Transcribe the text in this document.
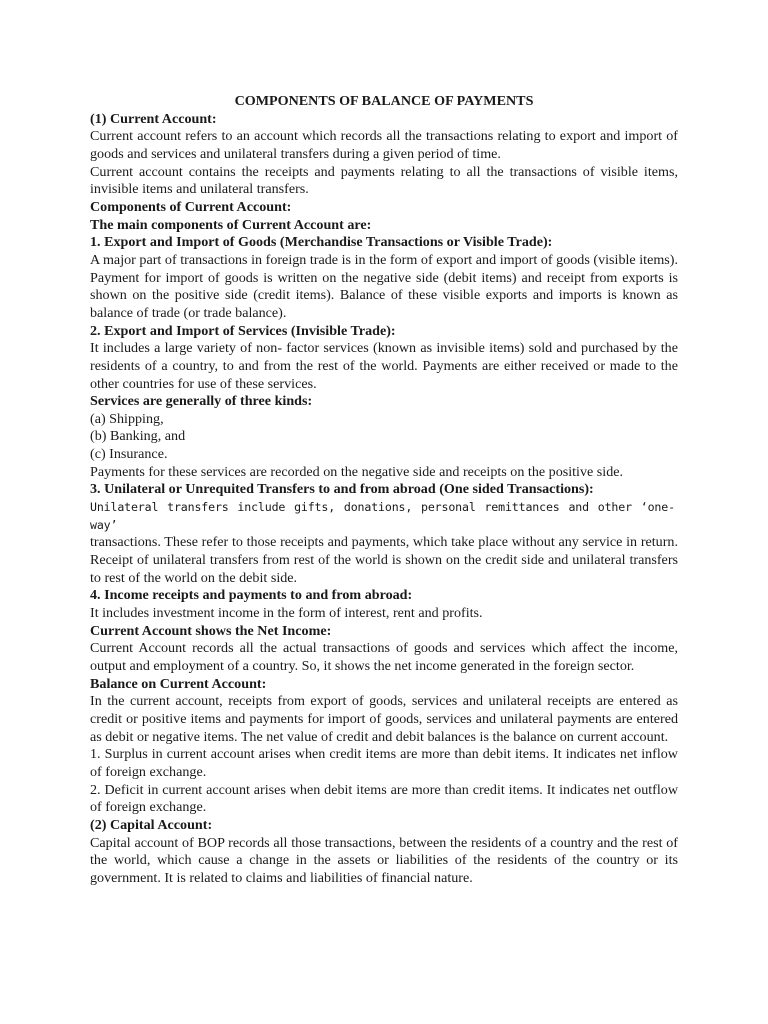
COMPONENTS OF BALANCE OF PAYMENTS

(1) Current Account:

Current account refers to an account which records all the transactions relating to export and import of goods and services and unilateral transfers during a given period of time.

Current account contains the receipts and payments relating to all the transactions of visible items, invisible items and unilateral transfers.

Components of Current Account:

The main components of Current Account are:

1. Export and Import of Goods (Merchandise Transactions or Visible Trade):

A major part of transactions in foreign trade is in the form of export and import of goods (visible items). Payment for import of goods is written on the negative side (debit items) and receipt from exports is shown on the positive side (credit items). Balance of these visible exports and imports is known as balance of trade (or trade balance).

2. Export and Import of Services (Invisible Trade):

It includes a large variety of non- factor services (known as invisible items) sold and purchased by the residents of a country, to and from the rest of the world. Payments are either received or made to the other countries for use of these services.

Services are generally of three kinds:

(a) Shipping,

(b) Banking, and

(c) Insurance.

Payments for these services are recorded on the negative side and receipts on the positive side.

3. Unilateral or Unrequited Transfers to and from abroad (One sided Transactions):

Unilateral transfers include gifts, donations, personal remittances and other ‘one-way’

transactions. These refer to those receipts and payments, which take place without any service in return. Receipt of unilateral transfers from rest of the world is shown on the credit side and unilateral transfers to rest of the world on the debit side.

4. Income receipts and payments to and from abroad:

It includes investment income in the form of interest, rent and profits.

Current Account shows the Net Income:

Current Account records all the actual transactions of goods and services which affect the income, output and employment of a country. So, it shows the net income generated in the foreign sector.

Balance on Current Account:

In the current account, receipts from export of goods, services and unilateral receipts are entered as credit or positive items and payments for import of goods, services and unilateral payments are entered as debit or negative items. The net value of credit and debit balances is the balance on current account.

1. Surplus in current account arises when credit items are more than debit items. It indicates net inflow of foreign exchange.

2. Deficit in current account arises when debit items are more than credit items. It indicates net outflow of foreign exchange.

(2) Capital Account:

Capital account of BOP records all those transactions, between the residents of a country and the rest of the world, which cause a change in the assets or liabilities of the residents of the country or its government. It is related to claims and liabilities of financial nature.
